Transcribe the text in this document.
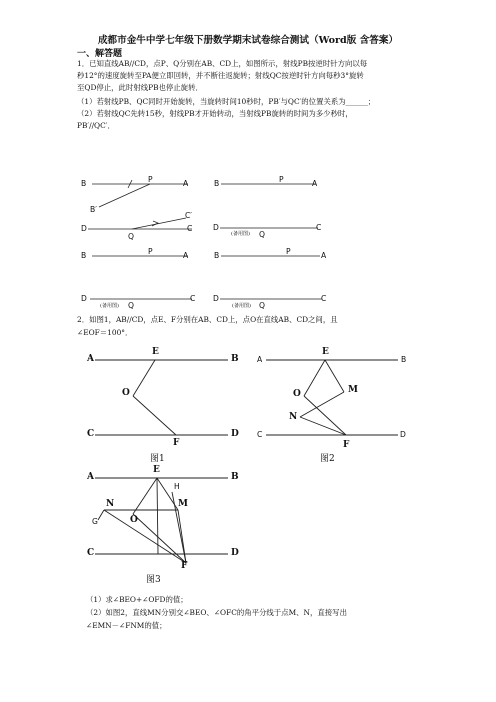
成都市金牛中学七年级下册数学期末试卷综合测试（Word版 含答案）
一、解答题
1．已知直线AB//CD，点P、Q分别在AB、CD上，如图所示，射线PB按逆时针方向以每
秒12°的速度旋转至PA便立即回转，并不断往返旋转；射线QC按逆时针方向每秒3°旋转
至QD停止，此时射线PB也停止旋转．
（1）若射线PB、QC同时开始旋转，当旋转时间10秒时，PB′与QC′的位置关系为______；
（2）若射线QC先转15秒，射线PB才开始转动，当射线PB旋转的时间为多少秒时，
PB′//QC′．
B	P	A
B′
C′
D	C
Q
B	P	A
D	C
(备用图) Q
B	P	A
D	C
(备用图) Q
B	P	A
D	C
(备用图) Q
2．如图1，AB//CD，点E、F分别在AB、CD上，点O在直线AB、CD之间，且
∠EOF＝100°．
A
E
B
O
C	D
F
图1
A
E
B
O	M
N
C	D
F
图2
A
E
B
H
M
N
O
G
C	D
F
图3
（1）求∠BEO+∠OFD的值；
（2）如图2，直线MN分别交∠BEO、∠OFC的角平分线于点M、N，直接写出
∠EMN－∠FNM的值；
